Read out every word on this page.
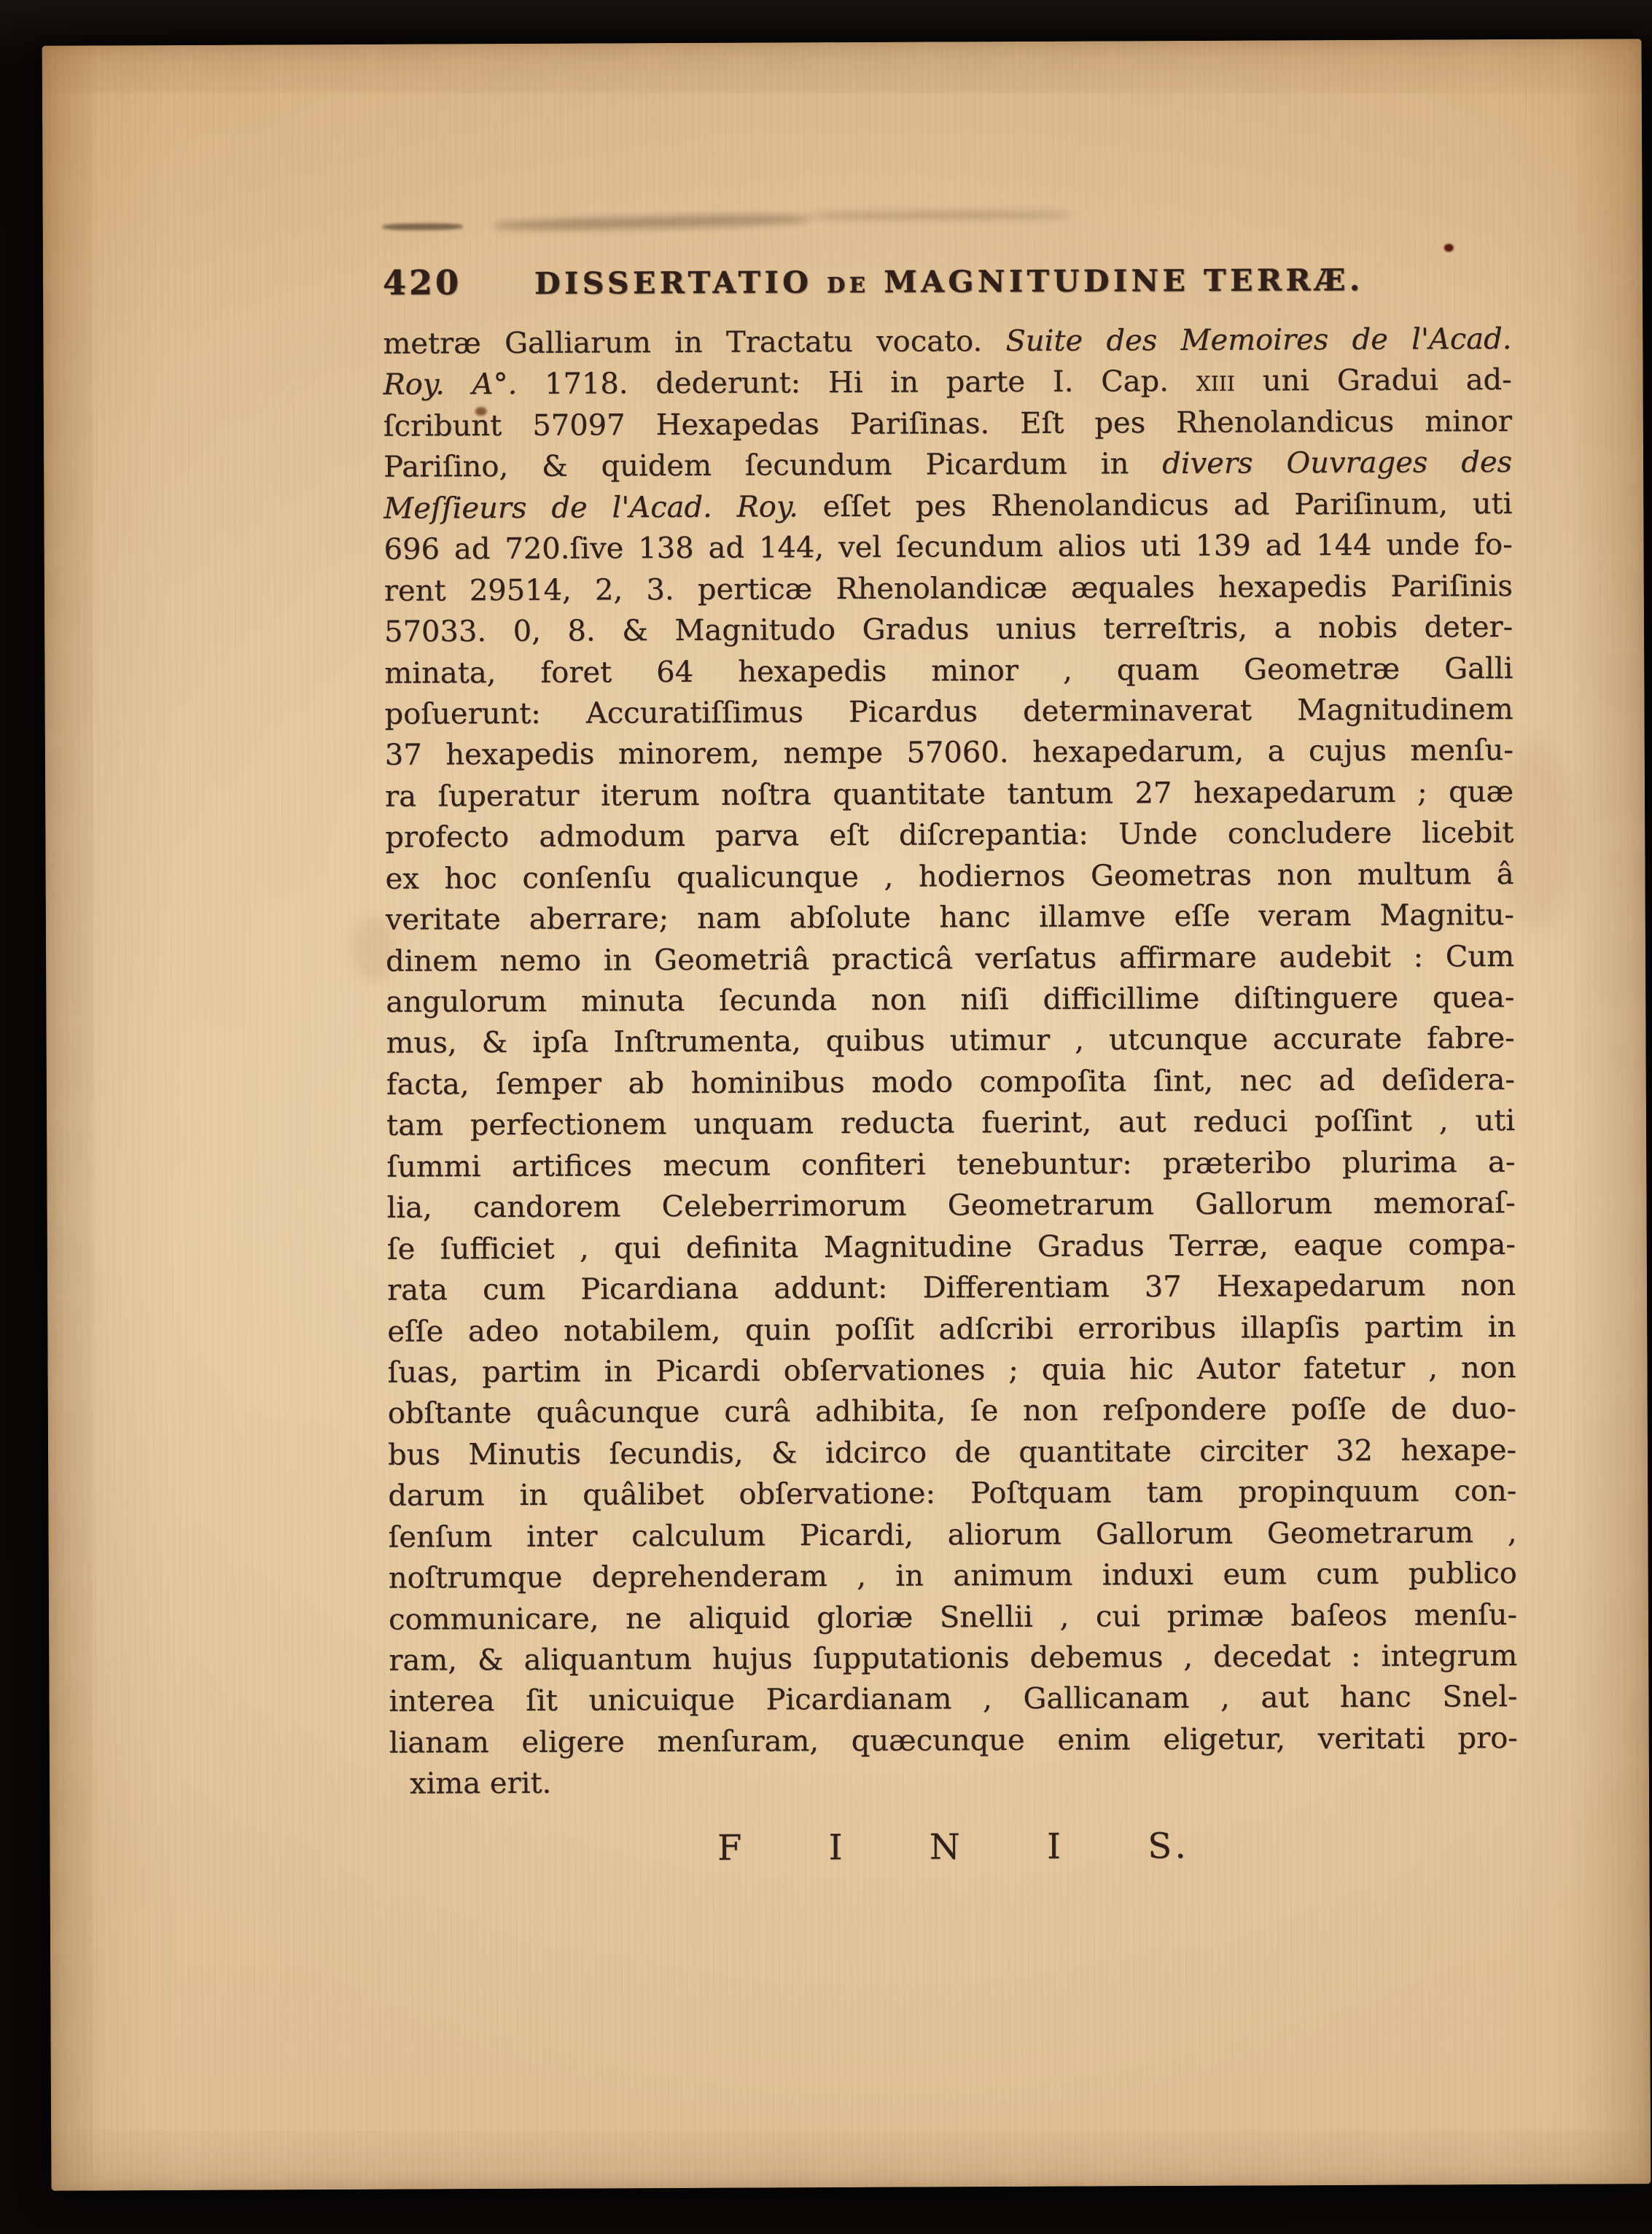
420 DISSERTATIO de MAGNITUDINE TERRÆ.
metræ Galliarum in Tractatu vocato. Suite des Memoires de l'Acad.
Roy. A°. 1718. dederunt: Hi in parte I. Cap. xiii uni Gradui ad-
ſcribunt 57097 Hexapedas Pariſinas. Eſt pes Rhenolandicus minor
Pariſino, & quidem ſecundum Picardum in divers Ouvrages des
Meſſieurs de l'Acad. Roy. eſſet pes Rhenolandicus ad Pariſinum, uti
696 ad 720.ſive 138 ad 144, vel ſecundum alios uti 139 ad 144 unde fo-
rent 29514, 2, 3. perticæ Rhenolandicæ æquales hexapedis Pariſinis
57033. 0, 8. & Magnitudo Gradus unius terreſtris, a nobis deter-
minata, foret 64 hexapedis minor , quam Geometræ Galli
poſuerunt: Accuratiſſimus Picardus determinaverat Magnitudinem
37 hexapedis minorem, nempe 57060. hexapedarum, a cujus menſu-
ra ſuperatur iterum noſtra quantitate tantum 27 hexapedarum ; quæ
profecto admodum parva eſt diſcrepantia: Unde concludere licebit
ex hoc conſenſu qualicunque , hodiernos Geometras non multum â
veritate aberrare; nam abſolute hanc illamve eſſe veram Magnitu-
dinem nemo in Geometriâ practicâ verſatus affirmare audebit : Cum
angulorum minuta ſecunda non niſi difficillime diſtinguere quea-
mus, & ipſa Inſtrumenta, quibus utimur , utcunque accurate fabre-
facta, ſemper ab hominibus modo compoſita ſint, nec ad deſidera-
tam perfectionem unquam reducta fuerint, aut reduci poſſint , uti
ſummi artifices mecum confiteri tenebuntur: præteribo plurima a-
lia, candorem Celeberrimorum Geometrarum Gallorum memoraſ-
ſe ſufficiet , qui definita Magnitudine Gradus Terræ, eaque compa-
rata cum Picardiana addunt: Differentiam 37 Hexapedarum non
eſſe adeo notabilem, quin poſſit adſcribi erroribus illapſis partim in
ſuas, partim in Picardi obſervationes ; quia hic Autor fatetur , non
obſtante quâcunque curâ adhibita, ſe non reſpondere poſſe de duo-
bus Minutis ſecundis, & idcirco de quantitate circiter 32 hexape-
darum in quâlibet obſervatione: Poſtquam tam propinquum con-
ſenſum inter calculum Picardi, aliorum Gallorum Geometrarum ,
noſtrumque deprehenderam , in animum induxi eum cum publico
communicare, ne aliquid gloriæ Snellii , cui primæ baſeos menſu-
ram, & aliquantum hujus ſupputationis debemus , decedat : integrum
interea ſit unicuique Picardianam , Gallicanam , aut hanc Snel-
lianam eligere menſuram, quæcunque enim eligetur, veritati pro-
xima erit.
F I N I S.
